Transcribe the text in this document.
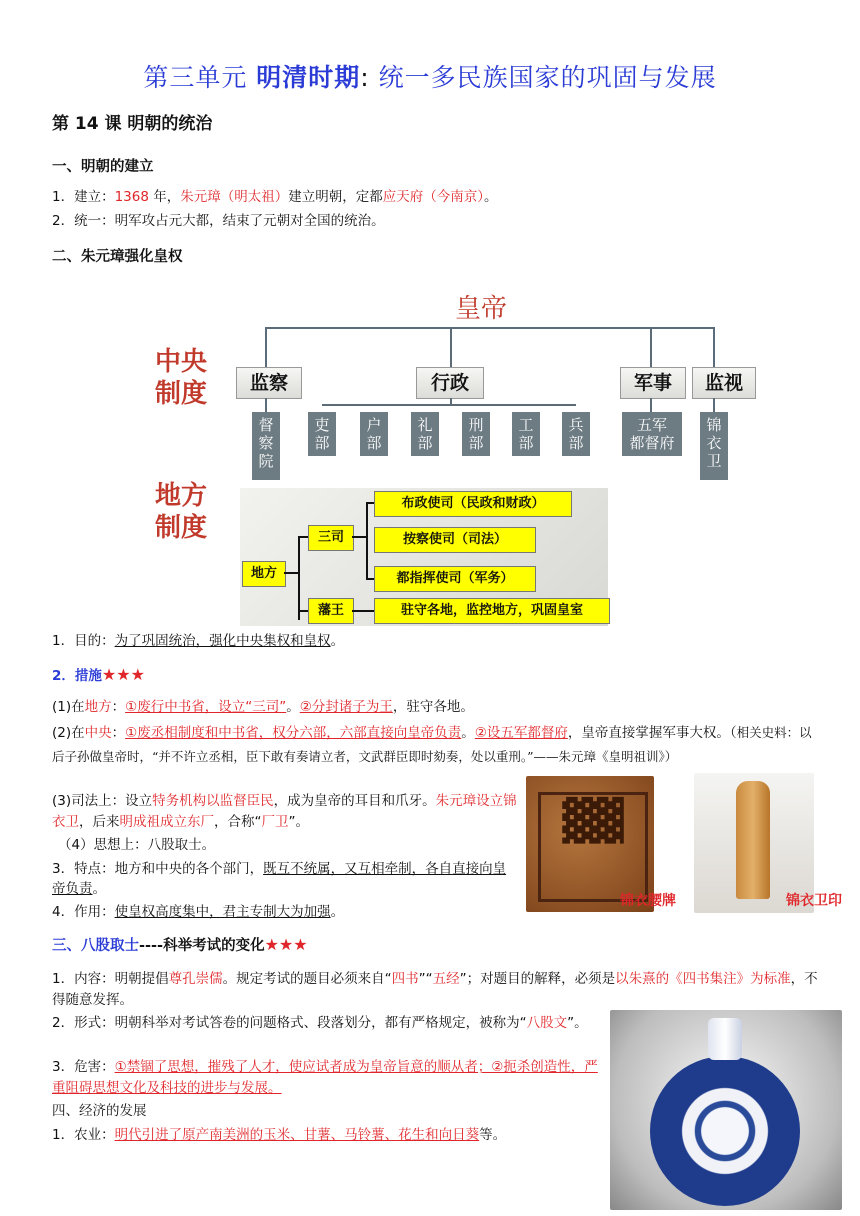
第三单元 明清时期: 统一多民族国家的巩固与发展
第 14 课 明朝的统治
一、明朝的建立
1．建立：1368 年，朱元璋（明太祖）建立明朝，定都应天府（今南京）。
2．统一：明军攻占元大都，结束了元朝对全国的统治。
二、朱元璋强化皇权
皇帝
中央
制度	监察	行政	军事	监视
督
察
院
吏
部
户
部
礼
部
刑
部
工
部
兵
部
五军
都督府
锦
衣
卫
地方
制度
地方
三司
藩王
布政使司（民政和财政）
按察使司（司法）
都指挥使司（军务）
驻守各地，监控地方，巩固皇室
1．目的：为了巩固统治，强化中央集权和皇权。
2．措施★★★
(1)在地方：①废行中书省，设立“三司”。②分封诸子为王，驻守各地。
(2)在中央：①废丞相制度和中书省，权分六部，六部直接向皇帝负责。②设五军都督府，皇帝直接掌握军事大权。（相关史料：以后子孙做皇帝时，“并不许立丞相，臣下敢有奏请立者，文武群臣即时劾奏，处以重刑。”——朱元璋《皇明祖训》）
(3)司法上：设立特务机构以监督臣民，成为皇帝的耳目和爪牙。朱元璋设立锦衣卫，后来明成祖成立东厂，合称“厂卫”。
（4）思想上：八股取士。
3．特点：地方和中央的各个部门，既互不统属，又互相牵制，各自直接向皇帝负责。
4．作用：使皇权高度集中，君主专制大为加强。
▓▓
锦衣腰牌	锦衣卫印
三、八股取士----科举考试的变化★★★
1．内容：明朝提倡尊孔崇儒。规定考试的题目必须来自“四书”“五经”；对题目的解释，必须是以朱熹的《四书集注》为标准，不得随意发挥。
2．形式：明朝科举对考试答卷的问题格式、段落划分，都有严格规定，被称为“八股文”。
3．危害：①禁锢了思想，摧残了人才，使应试者成为皇帝旨意的顺从者；②扼杀创造性，严重阻碍思想文化及科技的进步与发展。
四、经济的发展
1．农业：明代引进了原产南美洲的玉米、甘薯、马铃薯、花生和向日葵等。
